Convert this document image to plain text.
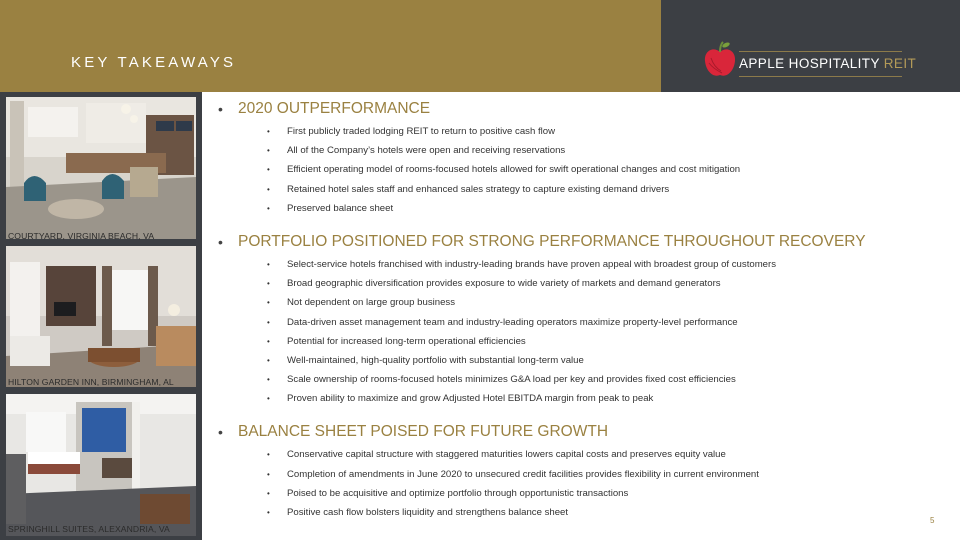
KEY TAKEAWAYS	APPLE HOSPITALITY REIT
COURTYARD, VIRGINIA BEACH, VA
HILTON GARDEN INN, BIRMINGHAM, AL
SPRINGHILL SUITES, ALEXANDRIA, VA
• 2020 OUTPERFORMANCE
• First publicly traded lodging REIT to return to positive cash flow
• All of the Company’s hotels were open and receiving reservations
• Efficient operating model of rooms-focused hotels allowed for swift operational changes and cost mitigation
• Retained hotel sales staff and enhanced sales strategy to capture existing demand drivers
• Preserved balance sheet
• PORTFOLIO POSITIONED FOR STRONG PERFORMANCE THROUGHOUT RECOVERY
• Select-service hotels franchised with industry-leading brands have proven appeal with broadest group of customers
• Broad geographic diversification provides exposure to wide variety of markets and demand generators
• Not dependent on large group business
• Data-driven asset management team and industry-leading operators maximize property-level performance
• Potential for increased long-term operational efficiencies
• Well-maintained, high-quality portfolio with substantial long-term value
• Scale ownership of rooms-focused hotels minimizes G&A load per key and provides fixed cost efficiencies
• Proven ability to maximize and grow Adjusted Hotel EBITDA margin from peak to peak
• BALANCE SHEET POISED FOR FUTURE GROWTH
• Conservative capital structure with staggered maturities lowers capital costs and preserves equity value
• Completion of amendments in June 2020 to unsecured credit facilities provides flexibility in current environment
• Poised to be acquisitive and optimize portfolio through opportunistic transactions
• Positive cash flow bolsters liquidity and strengthens balance sheet
5
